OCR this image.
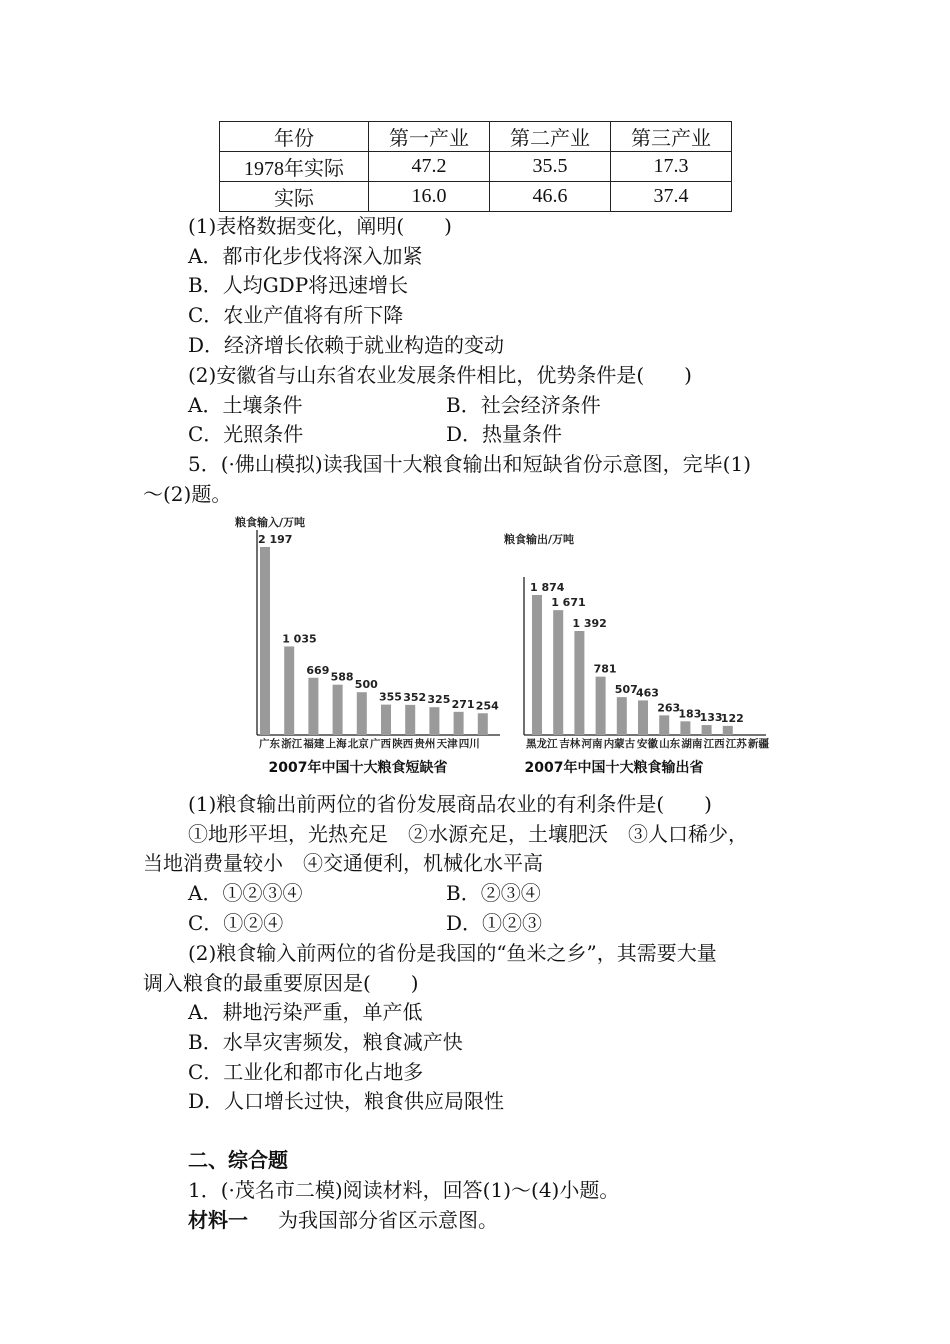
年份	第一产业	第二产业	第三产业
1978年实际	47.2	35.5	17.3
实际	16.0	46.6	37.4
(1)表格数据变化，阐明(　　)
A．都市化步伐将深入加紧
B．人均GDP将迅速增长
C．农业产值将有所下降
D．经济增长依赖于就业构造的变动
(2)安徽省与山东省农业发展条件相比，优势条件是(　　)
A．土壤条件	B．社会经济条件
C．光照条件	D．热量条件
5．(·佛山模拟)读我国十大粮食输出和短缺省份示意图，完毕(1)
～(2)题。
粮食输入/万吨
2 197
1 035
669
588
500
355 352 325 271 254
广东 浙江 福建 上海 北京 广西 陕西 贵州 天津 四川
2007年中国十大粮食短缺省
粮食输出/万吨
1 874
1 671
1 392
781
507
463
263
183
133
122
黑龙江 吉林 河南 内蒙古 安徽 山东 湖南 江西 江苏 新疆
2007年中国十大粮食输出省
(1)粮食输出前两位的省份发展商品农业的有利条件是(　　)
①地形平坦，光热充足　②水源充足，土壤肥沃　③人口稀少，
当地消费量较小　④交通便利，机械化水平高
A．①②③④	B．②③④
C．①②④	D．①②③
(2)粮食输入前两位的省份是我国的“鱼米之乡”，其需要大量
调入粮食的最重要原因是(　　)
A．耕地污染严重，单产低
B．水旱灾害频发，粮食减产快
C．工业化和都市化占地多
D．人口增长过快，粮食供应局限性
二、综合题
1．(·茂名市二模)阅读材料，回答(1)～(4)小题。
材料一 为我国部分省区示意图。
